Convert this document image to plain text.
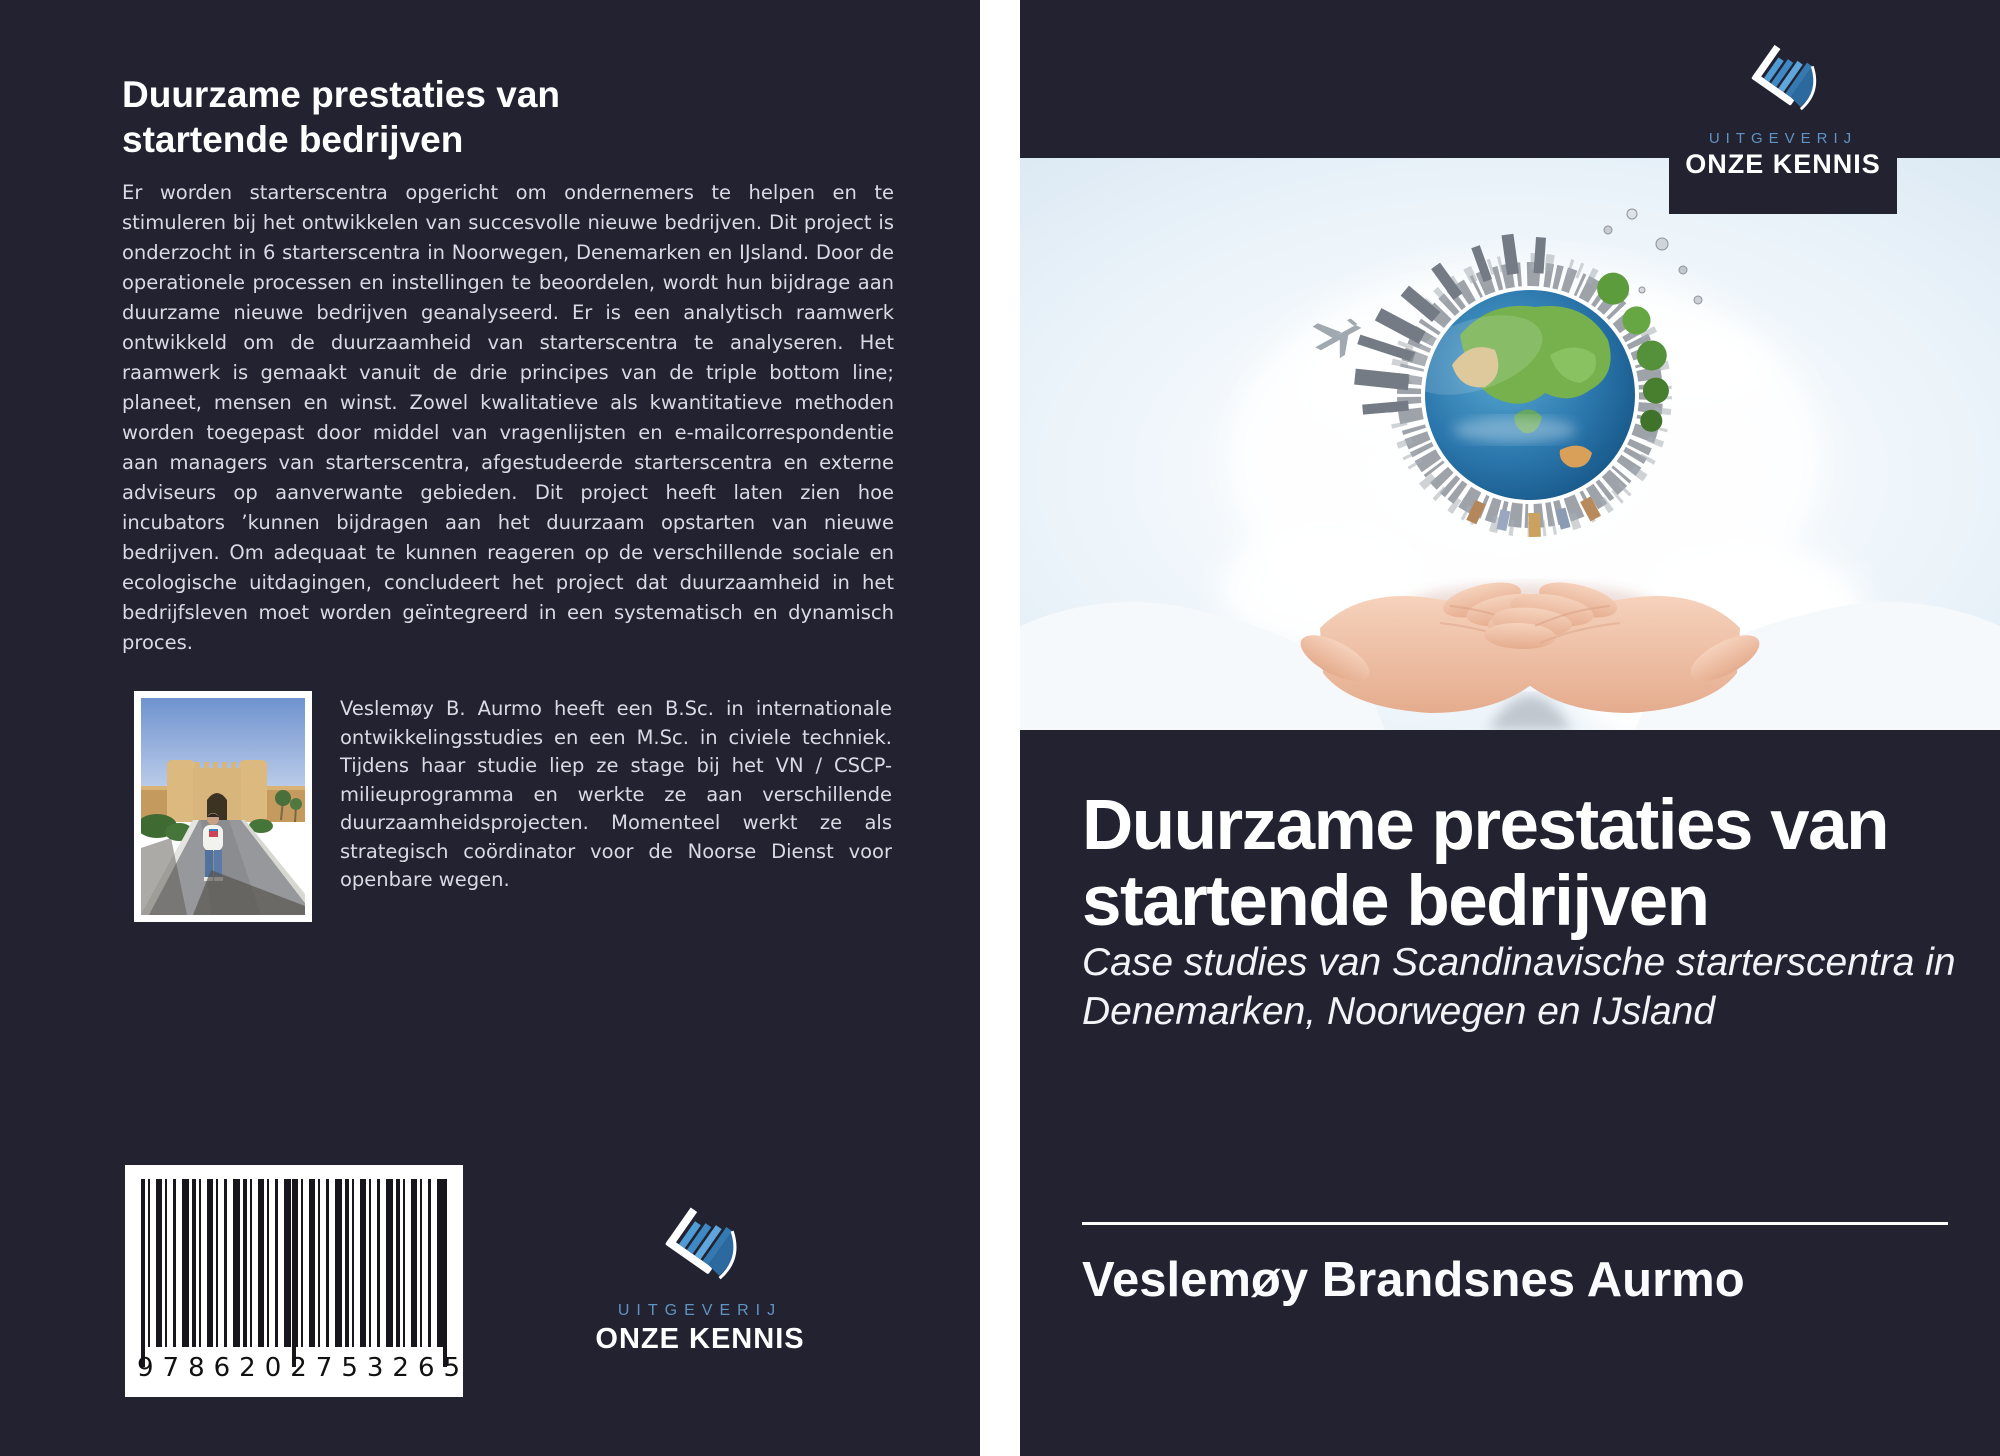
Duurzame prestaties van startende bedrijven
Er worden starterscentra opgericht om ondernemers te helpen en te stimuleren bij het ontwikkelen van succesvolle nieuwe bedrijven. Dit project is onderzocht in 6 starterscentra in Noorwegen, Denemarken en IJsland. Door de operationele processen en instellingen te beoordelen, wordt hun bijdrage aan duurzame nieuwe bedrijven geanalyseerd. Er is een analytisch raamwerk ontwikkeld om de duurzaamheid van starterscentra te analyseren. Het raamwerk is gemaakt vanuit de drie principes van de triple bottom line; planeet, mensen en winst. Zowel kwalitatieve als kwantitatieve methoden worden toegepast door middel van vragenlijsten en e-mailcorrespondentie aan managers van starterscentra, afgestudeerde starterscentra en externe adviseurs op aanverwante gebieden. Dit project heeft laten zien hoe incubators ’kunnen bijdragen aan het duurzaam opstarten van nieuwe bedrijven. Om adequaat te kunnen reageren op de verschillende sociale en ecologische uitdagingen, concludeert het project dat duurzaamheid in het bedrijfsleven moet worden geïntegreerd in een systematisch en dynamisch proces.
Veslemøy B. Aurmo heeft een B.Sc. in internationale ontwikkelingsstudies en een M.Sc. in civiele techniek. Tijdens haar studie liep ze stage bij het VN / CSCP-milieuprogramma en werkte ze aan verschillende duurzaamheidsprojecten. Momenteel werkt ze als strategisch coördinator voor de Noorse Dienst voor openbare wegen.
9786202753265
UITGEVERIJ
ONZE KENNIS
UITGEVERIJ
ONZE KENNIS
Duurzame prestaties van startende bedrijven
Case studies van Scandinavische starterscentra in Denemarken, Noorwegen en IJsland
Veslemøy Brandsnes Aurmo
